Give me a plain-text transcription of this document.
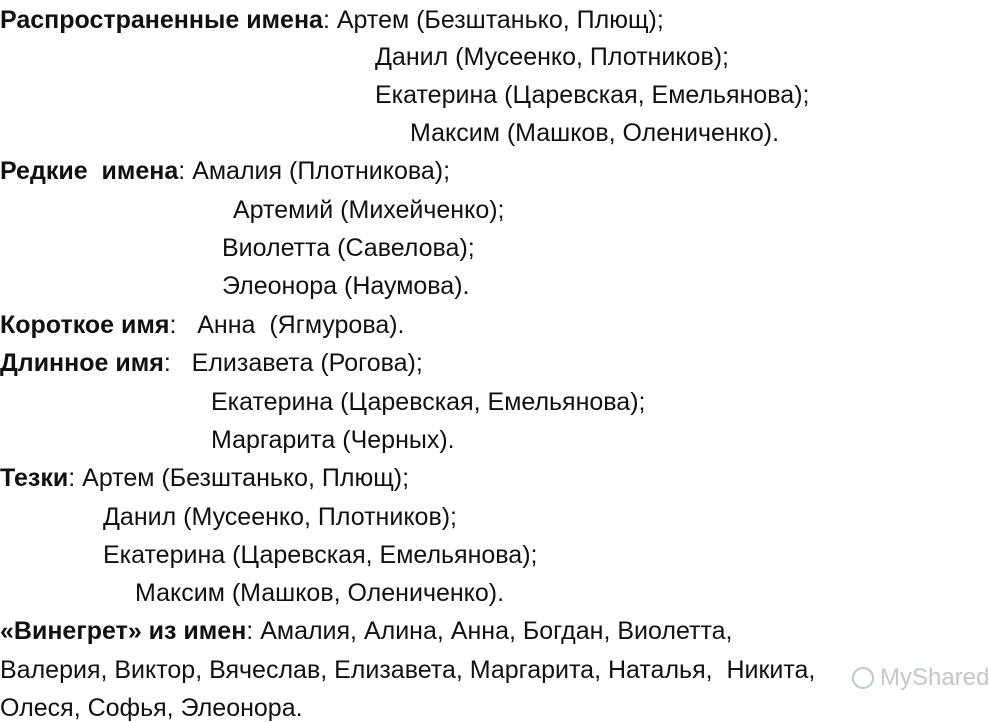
Распространенные имена: Артем (Безштанько, Плющ);
Данил (Мусеенко, Плотников);
Екатерина (Царевская, Емельянова);
Максим (Машков, Олениченко).
Редкие  имена: Амалия (Плотникова);
Артемий (Михейченко);
Виолетта (Савелова);
Элеонора (Наумова).
Короткое имя:   Анна  (Ягмурова).
Длинное имя:   Елизавета (Рогова);
Екатерина (Царевская, Емельянова);
Маргарита (Черных).
Тезки: Артем (Безштанько, Плющ);
Данил (Мусеенко, Плотников);
Екатерина (Царевская, Емельянова);
Максим (Машков, Олениченко).
«Винегрет» из имен: Амалия, Алина, Анна, Богдан, Виолетта,
Валерия, Виктор, Вячеслав, Елизавета, Маргарита, Наталья,  Никита,
Олеся, Софья, Элеонора.
MyShared
